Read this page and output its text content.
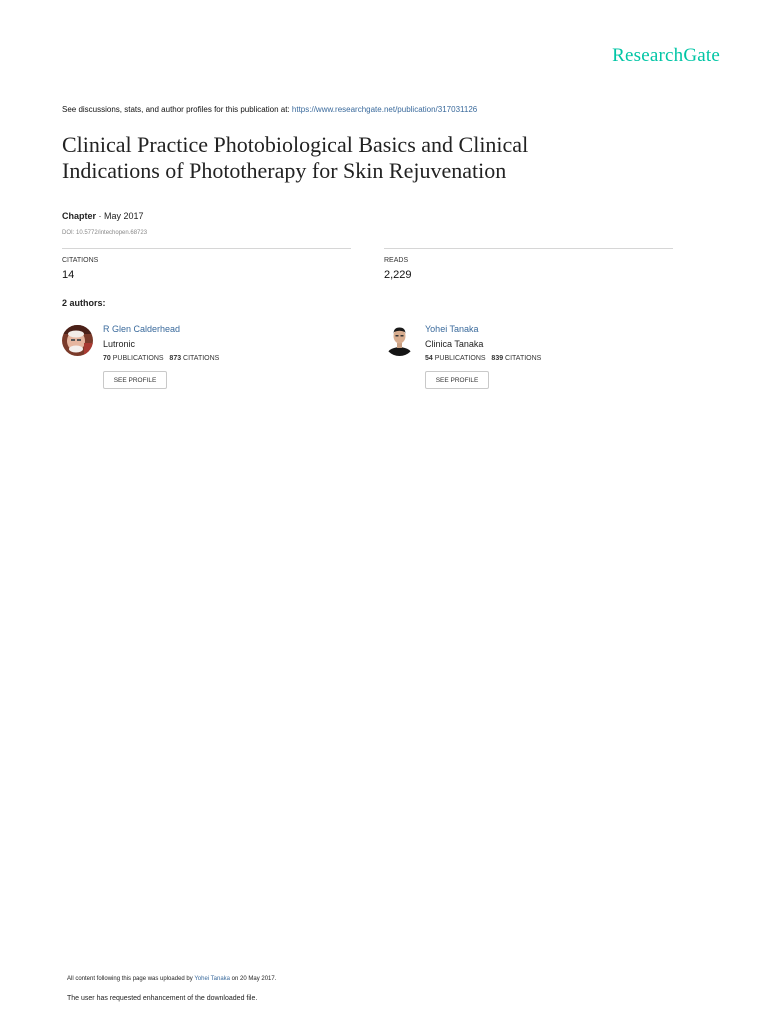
ResearchGate
See discussions, stats, and author profiles for this publication at: https://www.researchgate.net/publication/317031126
Clinical Practice Photobiological Basics and Clinical
Indications of Phototherapy for Skin Rejuvenation
Chapter · May 2017
DOI: 10.5772/intechopen.68723
CITATIONS
14
READS
2,229
2 authors:
R Glen Calderhead
Lutronic
70 PUBLICATIONS 873 CITATIONS
SEE PROFILE
Yohei Tanaka
Clinica Tanaka
54 PUBLICATIONS 839 CITATIONS
SEE PROFILE
All content following this page was uploaded by Yohei Tanaka on 20 May 2017.
The user has requested enhancement of the downloaded file.
